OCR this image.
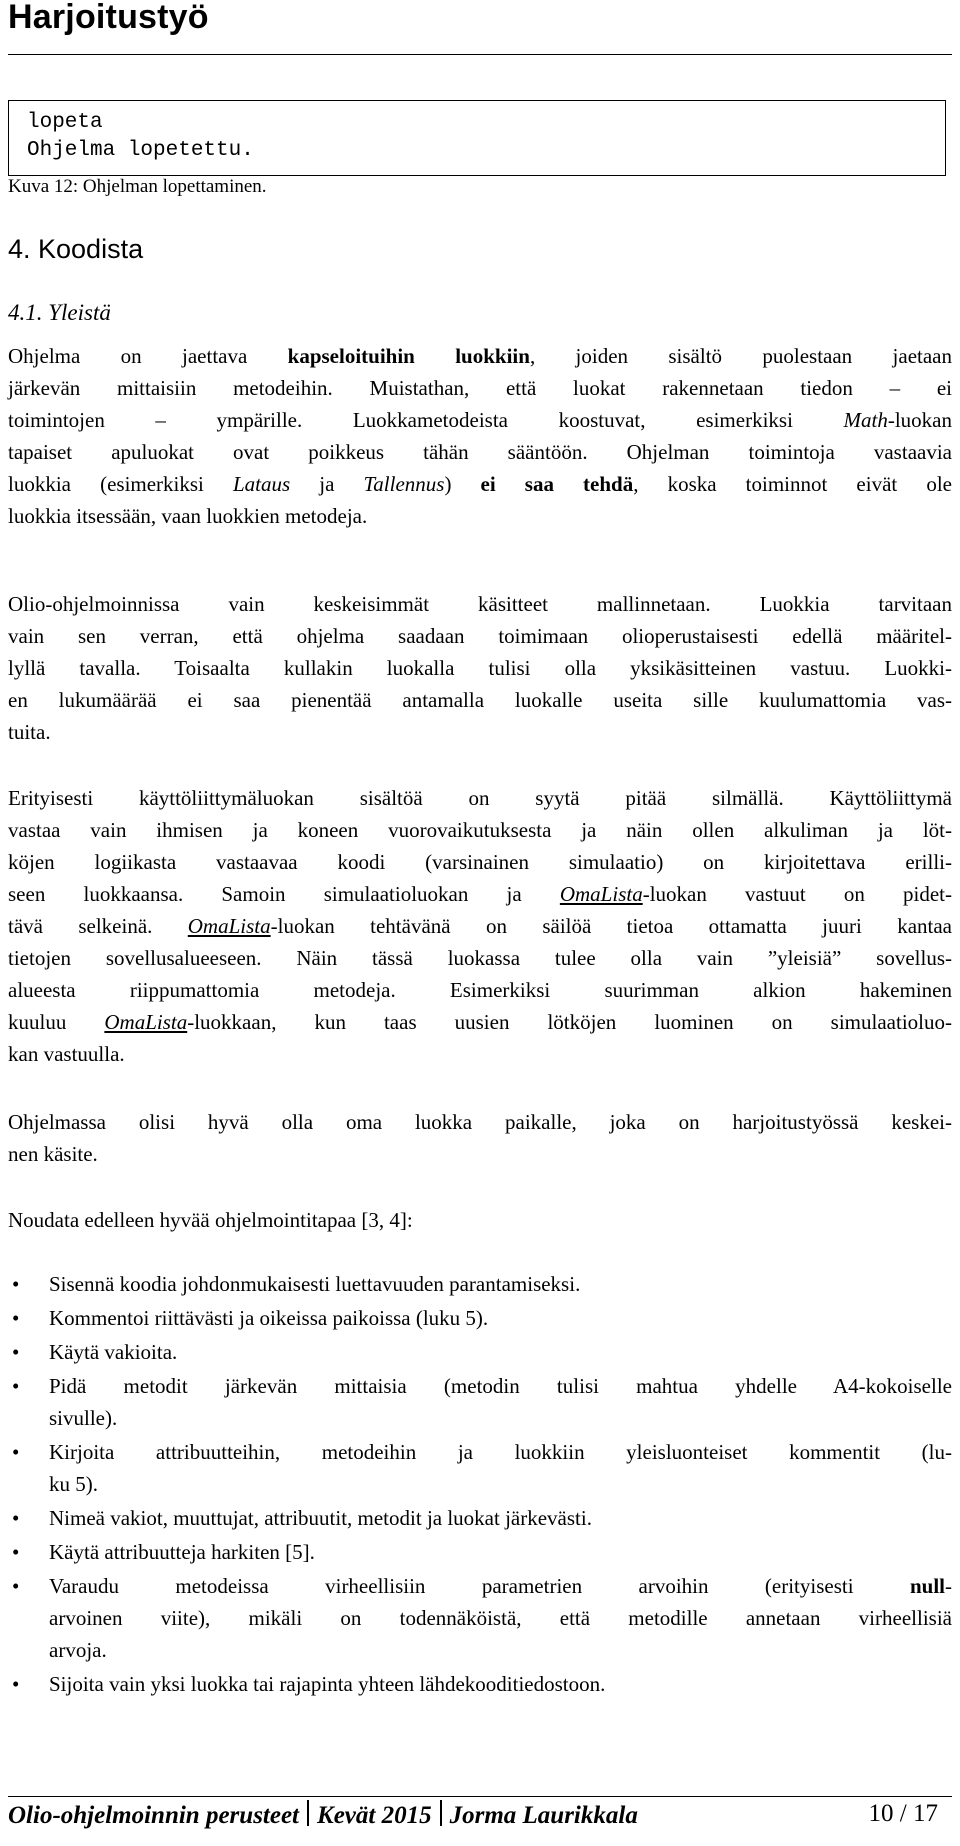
Harjoitustyö
lopeta
Ohjelma lopetettu.
Kuva 12: Ohjelman lopettaminen.
4. Koodista
4.1. Yleistä
Ohjelma on jaettava kapseloituihin luokkiin, joiden sisältö puolestaan jaetaan
järkevän mittaisiin metodeihin. Muistathan, että luokat rakennetaan tiedon – ei
toimintojen – ympärille. Luokkametodeista koostuvat, esimerkiksi Math-luokan
tapaiset apuluokat ovat poikkeus tähän sääntöön. Ohjelman toimintoja vastaavia
luokkia (esimerkiksi Lataus ja Tallennus) ei saa tehdä, koska toiminnot eivät ole
luokkia itsessään, vaan luokkien metodeja.
Olio-ohjelmoinnissa vain keskeisimmät käsitteet mallinnetaan. Luokkia tarvitaan
vain sen verran, että ohjelma saadaan toimimaan olioperustaisesti edellä määritel-
lyllä tavalla. Toisaalta kullakin luokalla tulisi olla yksikäsitteinen vastuu. Luokki-
en lukumäärää ei saa pienentää antamalla luokalle useita sille kuulumattomia vas-
tuita.
Erityisesti käyttöliittymäluokan sisältöä on syytä pitää silmällä. Käyttöliittymä
vastaa vain ihmisen ja koneen vuorovaikutuksesta ja näin ollen alkuliman ja löt-
köjen logiikasta vastaavaa koodi (varsinainen simulaatio) on kirjoitettava erilli-
seen luokkaansa. Samoin simulaatioluokan ja OmaLista-luokan vastuut on pidet-
tävä selkeinä. OmaLista-luokan tehtävänä on säilöä tietoa ottamatta juuri kantaa
tietojen sovellusalueeseen. Näin tässä luokassa tulee olla vain ”yleisiä” sovellus-
alueesta riippumattomia metodeja. Esimerkiksi suurimman alkion hakeminen
kuuluu OmaLista-luokkaan, kun taas uusien lötköjen luominen on simulaatioluo-
kan vastuulla.
Ohjelmassa olisi hyvä olla oma luokka paikalle, joka on harjoitustyössä keskei-
nen käsite.
Noudata edelleen hyvää ohjelmointitapaa [3, 4]:
• Sisennä koodia johdonmukaisesti luettavuuden parantamiseksi.
• Kommentoi riittävästi ja oikeissa paikoissa (luku 5).
• Käytä vakioita.
• Pidä metodit järkevän mittaisia (metodin tulisi mahtua yhdelle A4-kokoiselle
sivulle).
• Kirjoita attribuutteihin, metodeihin ja luokkiin yleisluonteiset kommentit (lu-
ku 5).
• Nimeä vakiot, muuttujat, attribuutit, metodit ja luokat järkevästi.
• Käytä attribuutteja harkiten [5].
• Varaudu metodeissa virheellisiin parametrien arvoihin (erityisesti null-
arvoinen viite), mikäli on todennäköistä, että metodille annetaan virheellisiä
arvoja.
• Sijoita vain yksi luokka tai rajapinta yhteen lähdekooditiedostoon.
Olio-ohjelmoinnin perusteet Kevät 2015 Jorma Laurikkala	10 / 17
